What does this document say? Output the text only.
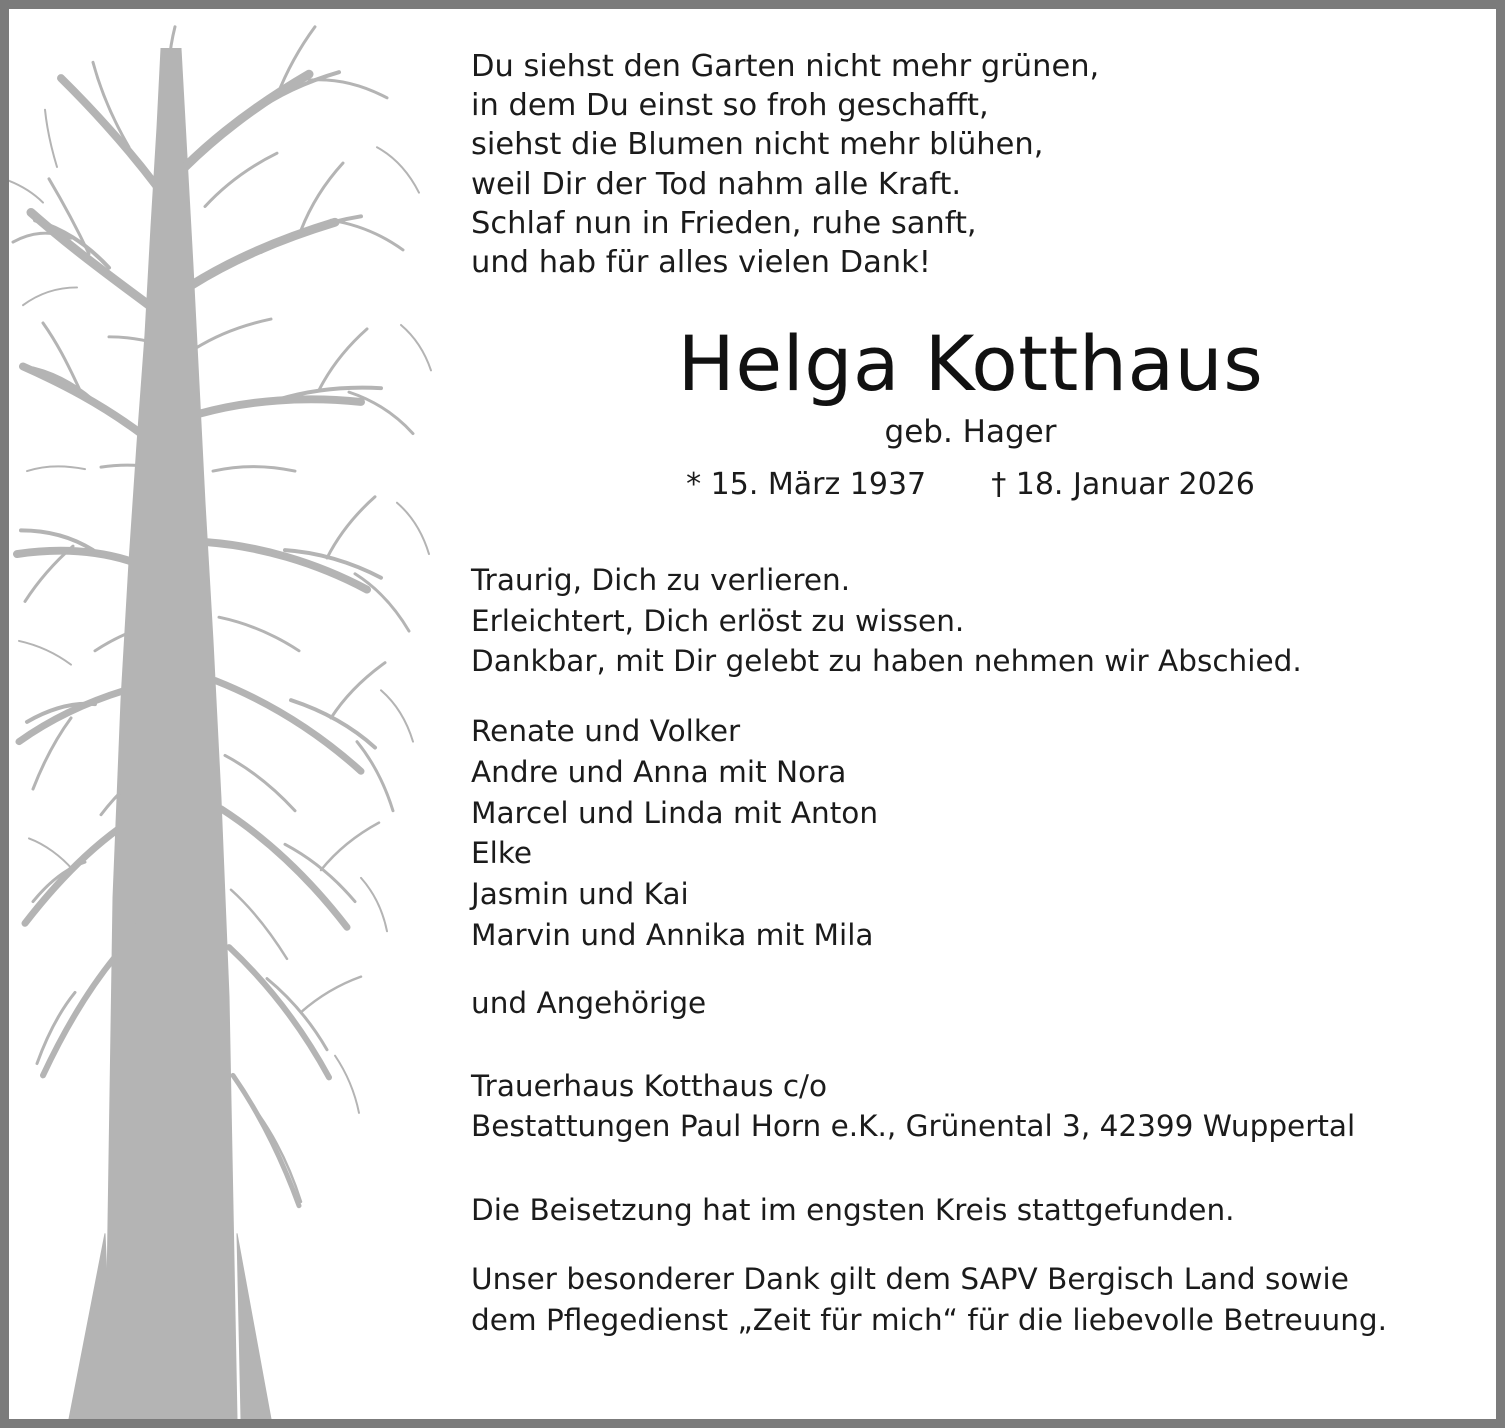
Du siehst den Garten nicht mehr grünen,
in dem Du einst so froh geschafft,
siehst die Blumen nicht mehr blühen,
weil Dir der Tod nahm alle Kraft.
Schlaf nun in Frieden, ruhe sanft,
und hab für alles vielen Dank!
Helga Kotthaus
geb. Hager
* 15. März 1937 † 18. Januar 2026
Traurig, Dich zu verlieren.
Erleichtert, Dich erlöst zu wissen.
Dankbar, mit Dir gelebt zu haben nehmen wir Abschied.
Renate und Volker
Andre und Anna mit Nora
Marcel und Linda mit Anton
Elke
Jasmin und Kai
Marvin und Annika mit Mila
und Angehörige
Trauerhaus Kotthaus c/o
Bestattungen Paul Horn e.K., Grünental 3, 42399 Wuppertal
Die Beisetzung hat im engsten Kreis stattgefunden.
Unser besonderer Dank gilt dem SAPV Bergisch Land sowie
dem Pflegedienst „Zeit für mich“ für die liebevolle Betreuung.
